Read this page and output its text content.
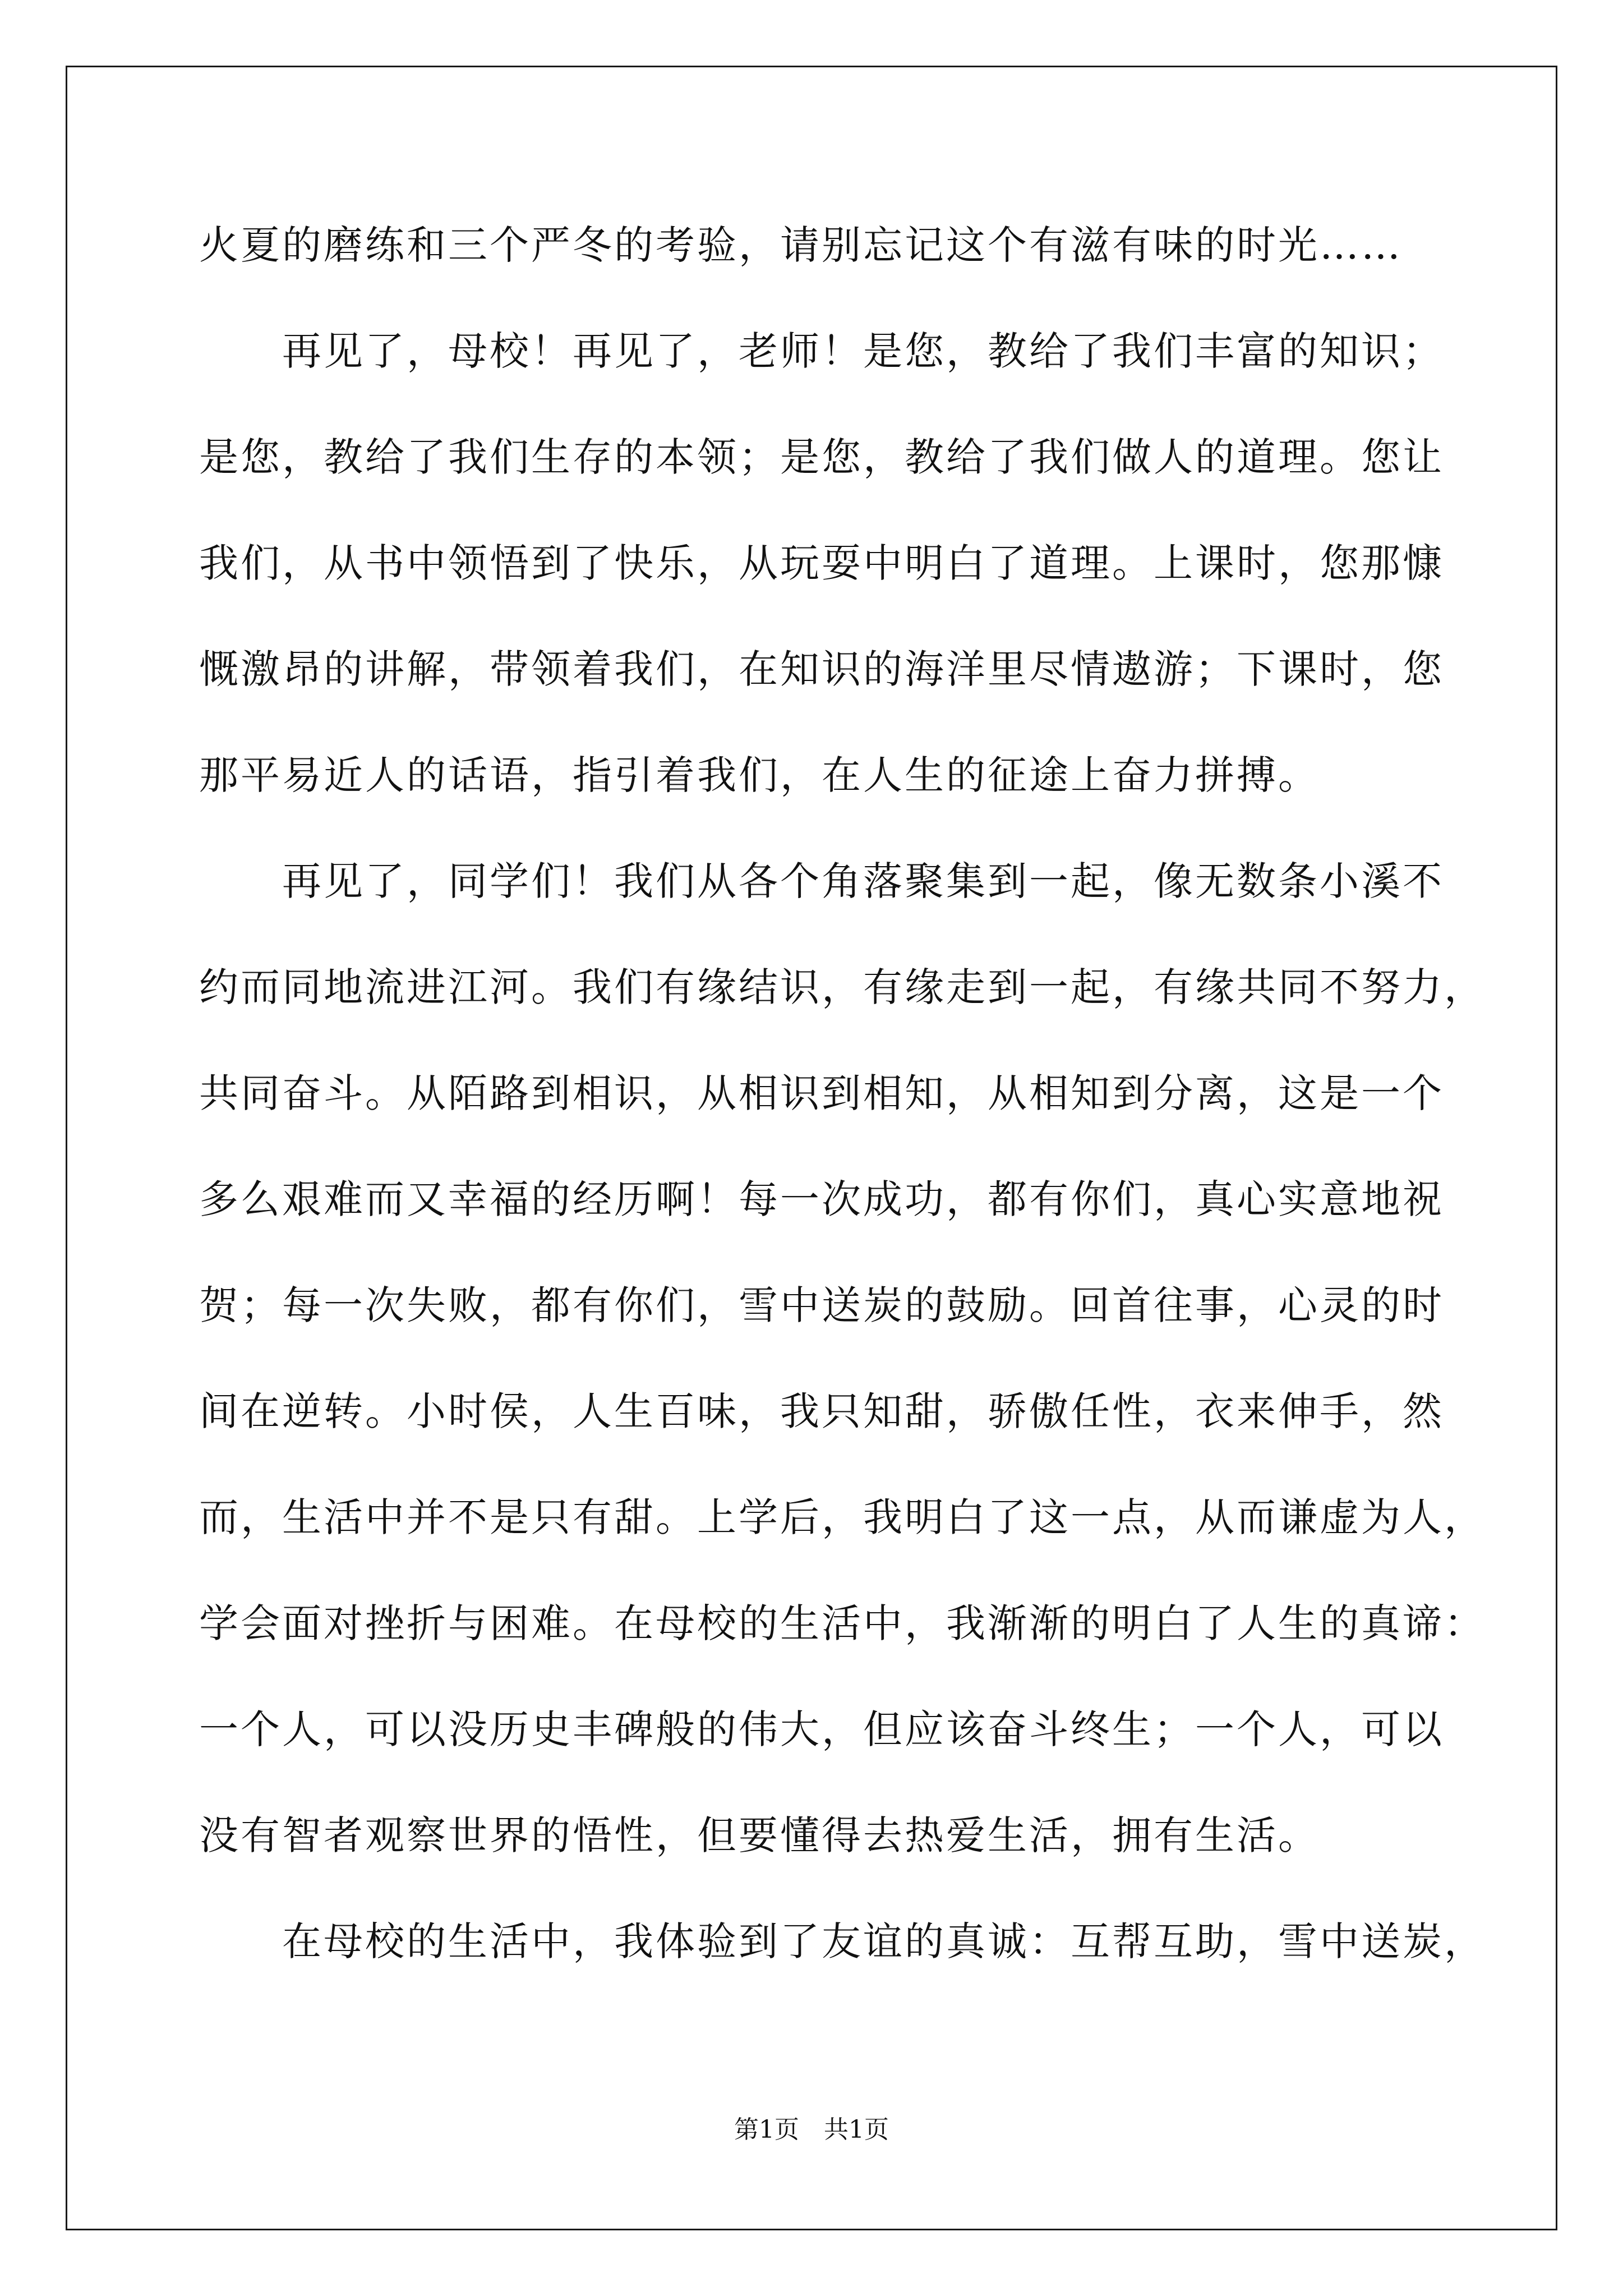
火夏的磨练和三个严冬的考验，请别忘记这个有滋有味的时光……
　　再见了，母校！再见了，老师！是您，教给了我们丰富的知识；
是您，教给了我们生存的本领；是您，教给了我们做人的道理。您让
我们，从书中领悟到了快乐，从玩耍中明白了道理。上课时，您那慷
慨激昂的讲解，带领着我们，在知识的海洋里尽情遨游；下课时，您
那平易近人的话语，指引着我们，在人生的征途上奋力拼搏。
　　再见了，同学们！我们从各个角落聚集到一起，像无数条小溪不
约而同地流进江河。我们有缘结识，有缘走到一起，有缘共同不努力，
共同奋斗。从陌路到相识，从相识到相知，从相知到分离，这是一个
多么艰难而又幸福的经历啊！每一次成功，都有你们，真心实意地祝
贺；每一次失败，都有你们，雪中送炭的鼓励。回首往事，心灵的时
间在逆转。小时侯，人生百味，我只知甜，骄傲任性，衣来伸手，然
而，生活中并不是只有甜。上学后，我明白了这一点，从而谦虚为人，
学会面对挫折与困难。在母校的生活中，我渐渐的明白了人生的真谛：
一个人，可以没历史丰碑般的伟大，但应该奋斗终生；一个人，可以
没有智者观察世界的悟性，但要懂得去热爱生活，拥有生活。
　　在母校的生活中，我体验到了友谊的真诚：互帮互助，雪中送炭，
第1页　共1页
